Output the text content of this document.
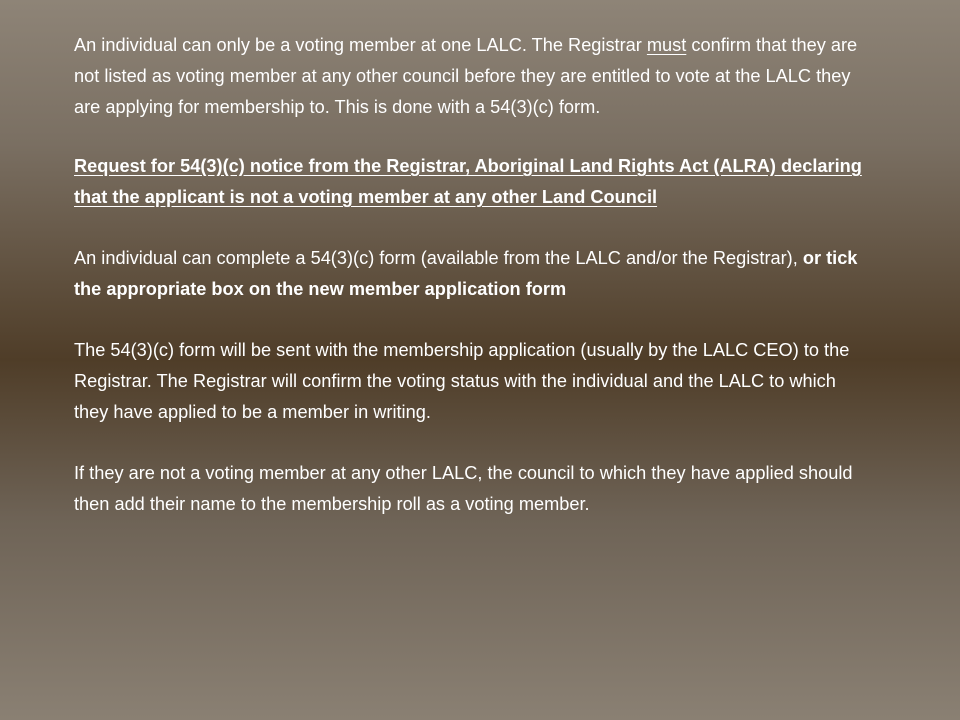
An individual can only be a voting member at one LALC. The Registrar must confirm that they are not listed as voting member at any other council before they are entitled to vote at the LALC they are applying for membership to. This is done with a 54(3)(c) form.

Request for 54(3)(c) notice from the Registrar, Aboriginal Land Rights Act (ALRA) declaring that the applicant is not a voting member at any other Land Council

An individual can complete a 54(3)(c) form (available from the LALC and/or the Registrar), or tick the appropriate box on the new member application form

The 54(3)(c) form will be sent with the membership application (usually by the LALC CEO) to the Registrar. The Registrar will confirm the voting status with the individual and the LALC to which they have applied to be a member in writing.

If they are not a voting member at any other LALC, the council to which they have applied should then add their name to the membership roll as a voting member.
